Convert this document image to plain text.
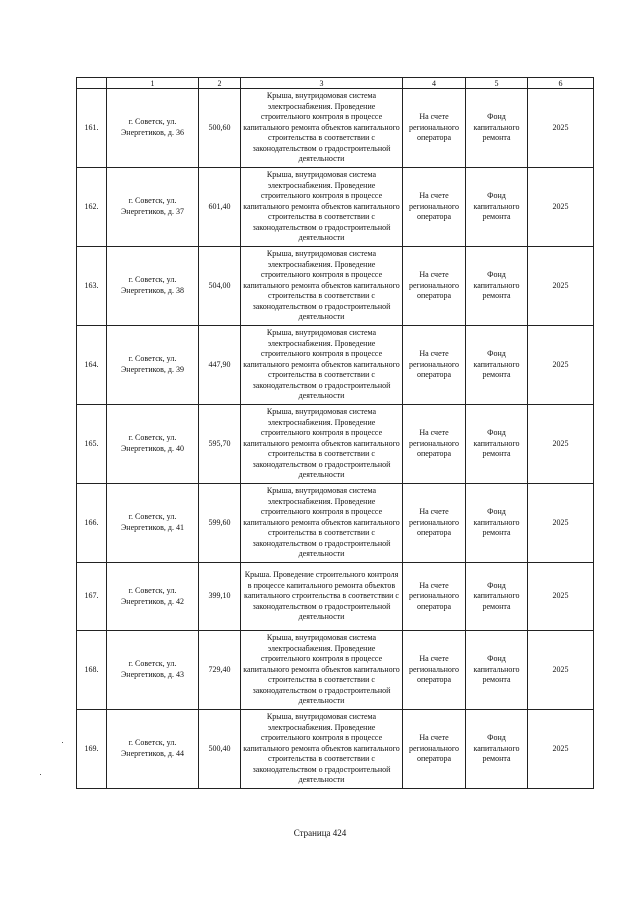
	1	2	3	4	5	6
161.	г. Советск, ул. Энергетиков, д. 36	500,60	Крыша, внутридомовая система электроснабжения. Проведение строительного контроля в процессе капитального ремонта объектов капитального строительства в соответствии с законодательством о градостроительной деятельности	На счете регионального оператора	Фонд капитального ремонта	2025
162.	г. Советск, ул. Энергетиков, д. 37	601,40	Крыша, внутридомовая система электроснабжения. Проведение строительного контроля в процессе капитального ремонта объектов капитального строительства в соответствии с законодательством о градостроительной деятельности	На счете регионального оператора	Фонд капитального ремонта	2025
163.	г. Советск, ул. Энергетиков, д. 38	504,00	Крыша, внутридомовая система электроснабжения. Проведение строительного контроля в процессе капитального ремонта объектов капитального строительства в соответствии с законодательством о градостроительной деятельности	На счете регионального оператора	Фонд капитального ремонта	2025
164.	г. Советск, ул. Энергетиков, д. 39	447,90	Крыша, внутридомовая система электроснабжения. Проведение строительного контроля в процессе капитального ремонта объектов капитального строительства в соответствии с законодательством о градостроительной деятельности	На счете регионального оператора	Фонд капитального ремонта	2025
165.	г. Советск, ул. Энергетиков, д. 40	595,70	Крыша, внутридомовая система электроснабжения. Проведение строительного контроля в процессе капитального ремонта объектов капитального строительства в соответствии с законодательством о градостроительной деятельности	На счете регионального оператора	Фонд капитального ремонта	2025
166.	г. Советск, ул. Энергетиков, д. 41	599,60	Крыша, внутридомовая система электроснабжения. Проведение строительного контроля в процессе капитального ремонта объектов капитального строительства в соответствии с законодательством о градостроительной деятельности	На счете регионального оператора	Фонд капитального ремонта	2025
167.	г. Советск, ул. Энергетиков, д. 42	399,10	Крыша. Проведение строительного контроля в процессе капитального ремонта объектов капитального строительства в соответствии с законодательством о градостроительной деятельности	На счете регионального оператора	Фонд капитального ремонта	2025
168.	г. Советск, ул. Энергетиков, д. 43	729,40	Крыша, внутридомовая система электроснабжения. Проведение строительного контроля в процессе капитального ремонта объектов капитального строительства в соответствии с законодательством о градостроительной деятельности	На счете регионального оператора	Фонд капитального ремонта	2025
169.	г. Советск, ул. Энергетиков, д. 44	500,40	Крыша, внутридомовая система электроснабжения. Проведение строительного контроля в процессе капитального ремонта объектов капитального строительства в соответствии с законодательством о градостроительной деятельности	На счете регионального оператора	Фонд капитального ремонта	2025
Страница 424
